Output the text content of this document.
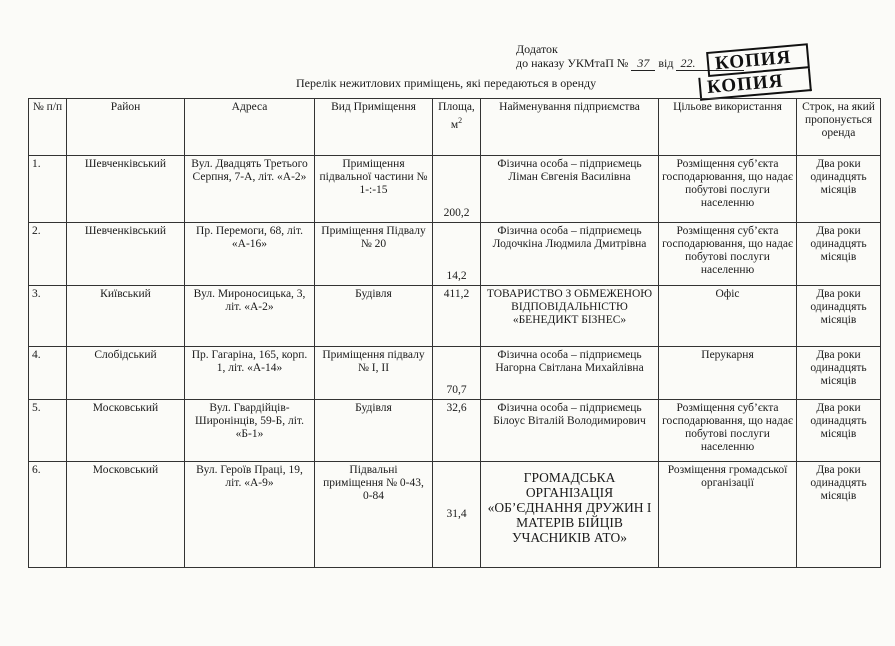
Додаток
до наказу УКМтаП № 37 від 22.
Перелік нежитлових приміщень, які передаються в оренду
КОПИЯ
КОПИЯ
№ п/п	Район	Адреса	Вид Приміщення	Площа, $м^2$	Найменування підприємства	Цільове використання	Строк, на який пропонується оренда
1.	Шевченківський	Вул. Двадцять Третього Серпня, 7-А, літ. «А-2»	Приміщення підвальної частини № 1-:-15	200,2	Фізична особа – підприємець Ліман Євгенія Василівна	Розміщення суб’єкта господарювання, що надає побутові послуги населенню	Два роки одинадцять місяців
2.	Шевченківський	Пр. Перемоги, 68, літ. «А-16»	Приміщення Підвалу № 20	14,2	Фізична особа – підприємець Лодочкіна Людмила Дмитрівна	Розміщення суб’єкта господарювання, що надає побутові послуги населенню	Два роки одинадцять місяців
3.	Київський	Вул. Мироносицька, 3, літ. «А-2»	Будівля	411,2	ТОВАРИСТВО З ОБМЕЖЕНОЮ ВІДПОВІДАЛЬНІСТЮ «БЕНЕДИКТ БІЗНЕС»	Офіс	Два роки одинадцять місяців
4.	Слобідський	Пр. Гагаріна, 165, корп. 1, літ. «А-14»	Приміщення підвалу № І, ІІ	70,7	Фізична особа – підприємець Нагорна Світлана Михайлівна	Перукарня	Два роки одинадцять місяців
5.	Московський	Вул. Гвардійців-Широнінців, 59-Б, літ. «Б-1»	Будівля	32,6	Фізична особа – підприємець Білоус Віталій Володимирович	Розміщення суб’єкта господарювання, що надає побутові послуги населенню	Два роки одинадцять місяців
6.	Московський	Вул. Героїв Праці, 19, літ. «А-9»	Підвальні приміщення № 0-43, 0-84	31,4	ГРОМАДСЬКА ОРГАНІЗАЦІЯ «ОБ’ЄДНАННЯ ДРУЖИН І МАТЕРІВ БІЙЦІВ УЧАСНИКІВ АТО»	Розміщення громадської організації	Два роки одинадцять місяців
